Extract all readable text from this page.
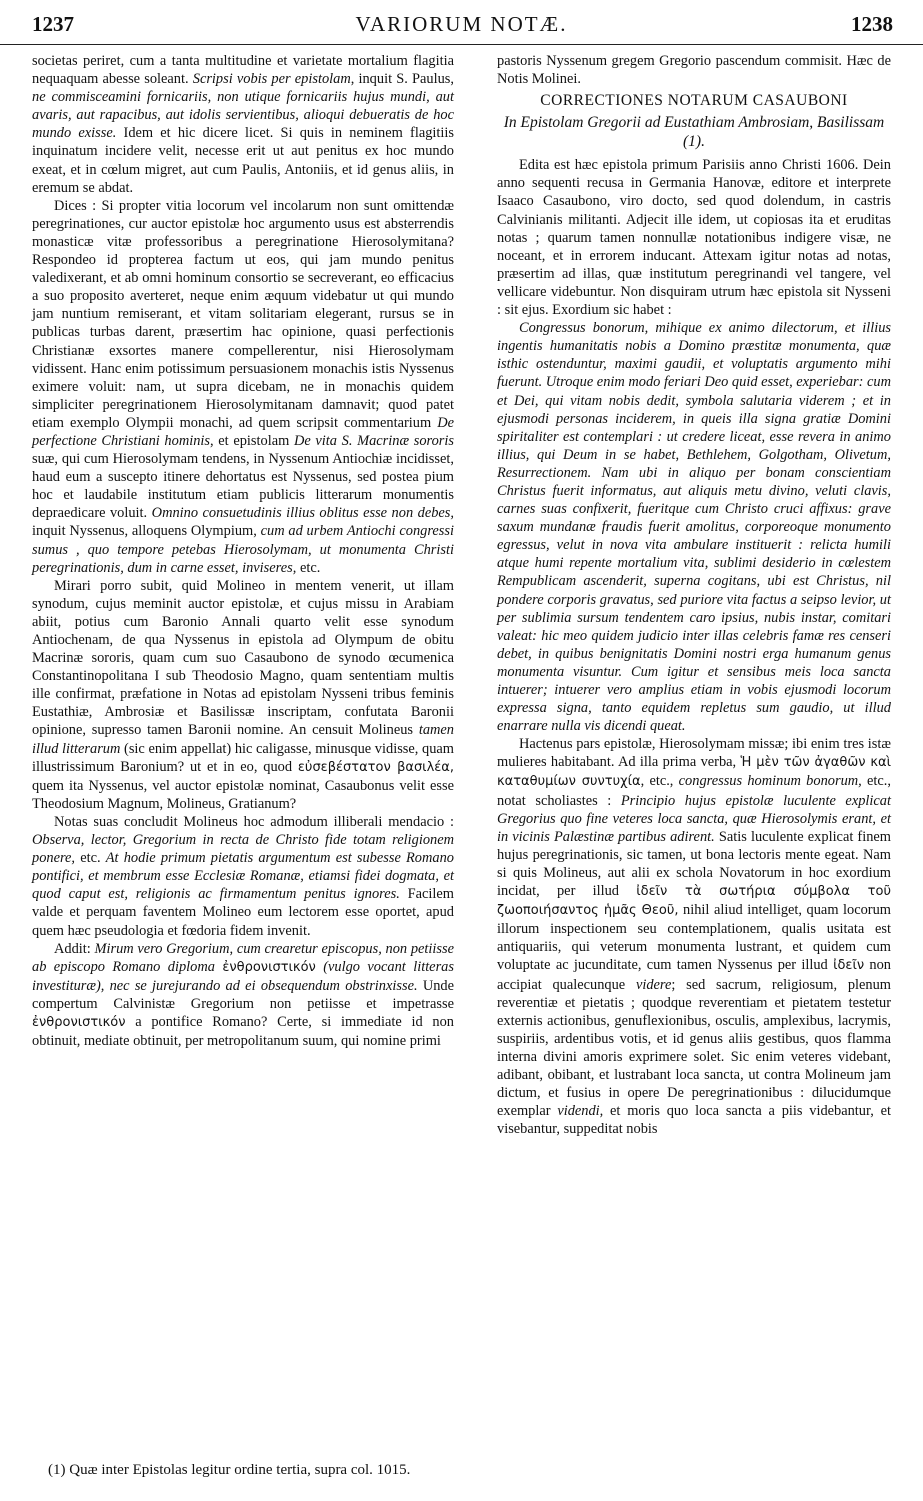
1237	VARIORUM NOTÆ.	1238

societas periret, cum a tanta multitudine et varietate mortalium flagitia nequaquam abesse soleant. Scripsi vobis per epistolam, inquit S. Paulus, ne commisceamini fornicariis, non utique fornicariis hujus mundi, aut avaris, aut rapacibus, aut idolis servientibus, alioqui debueratis de hoc mundo exisse. Idem et hic dicere licet. Si quis in neminem flagitiis inquinatum incidere velit, necesse erit ut aut penitus ex hoc mundo exeat, et in cœlum migret, aut cum Paulis, Antoniis, et id genus aliis, in eremum se abdat.

Dices : Si propter vitia locorum vel incolarum non sunt omittendæ peregrinationes, cur auctor epistolæ hoc argumento usus est absterrendis monasticæ vitæ professoribus a peregrinatione Hierosolymitana? Respondeo id propterea factum ut eos, qui jam mundo penitus valedixerant, et ab omni hominum consortio se secreverant, eo efficacius a suo proposito averteret, neque enim æquum videbatur ut qui mundo jam nuntium remiserant, et vitam solitariam elegerant, rursus se in publicas turbas darent, præsertim hac opinione, quasi perfectionis Christianæ exsortes manere compellerentur, nisi Hierosolymam vidissent. Hanc enim potissimum persuasionem monachis istis Nyssenus eximere voluit: nam, ut supra dicebam, ne in monachis quidem simpliciter peregrinationem Hierosolymitanam damnavit; quod patet etiam exemplo Olympii monachi, ad quem scripsit commentarium De perfectione Christiani hominis, et epistolam De vita S. Macrinæ sororis suæ, qui cum Hierosolymam tendens, in Nyssenum Antiochiæ incidisset, haud eum a suscepto itinere dehortatus est Nyssenus, sed postea pium hoc et laudabile institutum etiam publicis litterarum monumentis depraedicare voluit. Omnino consuetudinis illius oblitus esse non debes, inquit Nyssenus, alloquens Olympium, cum ad urbem Antiochi congressi sumus , quo tempore petebas Hierosolymam, ut monumenta Christi peregrinationis, dum in carne esset, inviseres, etc.

Mirari porro subit, quid Molineo in mentem venerit, ut illam synodum, cujus meminit auctor epistolæ, et cujus missu in Arabiam abiit, potius cum Baronio Annali quarto velit esse synodum Antiochenam, de qua Nyssenus in epistola ad Olympum de obitu Macrinæ sororis, quam cum suo Casaubono de synodo œcumenica Constantinopolitana I sub Theodosio Magno, quam sententiam multis ille confirmat, præfatione in Notas ad epistolam Nysseni tribus feminis Eustathiæ, Ambrosiæ et Basilissæ inscriptam, confutata Baronii opinione, supresso tamen Baronii nomine. An censuit Molineus tamen illud litterarum (sic enim appellat) hic caligasse, minusque vidisse, quam illustrissimum Baronium? ut et in eo, quod εὐσεβέστατον βασιλέα, quem ita Nyssenus, vel auctor epistolæ nominat, Casaubonus velit esse Theodosium Magnum, Molineus, Gratianum?

Notas suas concludit Molineus hoc admodum illiberali mendacio : Observa, lector, Gregorium in recta de Christo fide totam religionem ponere, etc. At hodie primum pietatis argumentum est subesse Romano pontifici, et membrum esse Ecclesiæ Romanæ, etiamsi fidei dogmata, et quod caput est, religionis ac firmamentum penitus ignores. Facilem valde et perquam faventem Molineo eum lectorem esse oportet, apud quem hæc pseudologia et fœdoria fidem invenit.

Addit: Mirum vero Gregorium, cum crearetur episcopus, non petiisse ab episcopo Romano diploma ἐνθρονιστικόν (vulgo vocant litteras investituræ), nec se jurejurando ad ei obsequendum obstrinxisse. Unde compertum Calvinistæ Gregorium non petiisse et impetrasse ἐνθρονιστικόν a pontifice Romano? Certe, si immediate id non obtinuit, mediate obtinuit, per metropolitanum suum, qui nomine primi

pastoris Nyssenum gregem Gregorio pascendum commisit. Hæc de Notis Molinei.

CORRECTIONES NOTARUM CASAUBONI
In Epistolam Gregorii ad Eustathiam Ambrosiam, Basilissam (1).

Edita est hæc epistola primum Parisiis anno Christi 1606. Dein anno sequenti recusa in Germania Hanovæ, editore et interprete Isaaco Casaubono, viro docto, sed quod dolendum, in castris Calvinianis militanti. Adjecit ille idem, ut copiosas ita et eruditas notas ; quarum tamen nonnullæ notationibus indigere visæ, ne noceant, et in errorem inducant. Attexam igitur notas ad notas, præsertim ad illas, quæ institutum peregrinandi vel tangere, vel vellicare videbuntur. Non disquiram utrum hæc epistola sit Nysseni : sit ejus. Exordium sic habet :

Congressus bonorum, mihique ex animo dilectorum, et illius ingentis humanitatis nobis a Domino præstitæ monumenta, quæ isthic ostenduntur, maximi gaudii, et voluptatis argumento mihi fuerunt. Utroque enim modo feriari Deo quid esset, experiebar: cum et Dei, qui vitam nobis dedit, symbola salutaria viderem ; et in ejusmodi personas inciderem, in queis illa signa gratiæ Domini spiritaliter est contemplari : ut credere liceat, esse revera in animo illius, qui Deum in se habet, Bethlehem, Golgotham, Olivetum, Resurrectionem. Nam ubi in aliquo per bonam conscientiam Christus fuerit informatus, aut aliquis metu divino, veluti clavis, carnes suas confixerit, fueritque cum Christo cruci affixus: grave saxum mundanæ fraudis fuerit amolitus, corporeoque monumento egressus, velut in nova vita ambulare instituerit : relicta humili atque humi repente mortalium vita, sublimi desiderio in cœlestem Rempublicam ascenderit, superna cogitans, ubi est Christus, nil pondere corporis gravatus, sed puriore vita factus a seipso levior, ut per sublimia sursum tendentem caro ipsius, nubis instar, comitari valeat: hic meo quidem judicio inter illas celebris famæ res censeri debet, in quibus benignitatis Domini nostri erga humanum genus monumenta visuntur. Cum igitur et sensibus meis loca sancta intuerer; intuerer vero amplius etiam in vobis ejusmodi locorum expressa signa, tanto equidem repletus sum gaudio, ut illud enarrare nulla vis dicendi queat.

Hactenus pars epistolæ, Hierosolymam missæ; ibi enim tres istæ mulieres habitabant. Ad illa prima verba, Ἡ μὲν τῶν ἀγαθῶν καὶ καταθυμίων συντυχία, etc., congressus hominum bonorum, etc., notat scholiastes : Principio hujus epistolæ luculente explicat Gregorius quo fine veteres loca sancta, quæ Hierosolymis erant, et in vicinis Palæstinæ partibus adirent. Satis luculente explicat finem hujus peregrinationis, sic tamen, ut bona lectoris mente egeat. Nam si quis Molineus, aut alii ex schola Novatorum in hoc exordium incidat, per illud ἰδεῖν τὰ σωτήρια σύμβολα τοῦ ζωοποιήσαντος ἡμᾶς Θεοῦ, nihil aliud intelliget, quam locorum illorum inspectionem seu contemplationem, qualis usitata est antiquariis, qui veterum monumenta lustrant, et quidem cum voluptate ac jucunditate, cum tamen Nyssenus per illud ἰδεῖν non accipiat qualecunque videre; sed sacrum, religiosum, plenum reverentiæ et pietatis ; quodque reverentiam et pietatem testetur externis actionibus, genuflexionibus, osculis, amplexibus, lacrymis, suspiriis, ardentibus votis, et id genus aliis gestibus, quos flamma interna divini amoris exprimere solet. Sic enim veteres videbant, adibant, obibant, et lustrabant loca sancta, ut contra Molineum jam dictum, et fusius in opere De peregrinationibus : dilucidumque exemplar videndi, et moris quo loca sancta a piis videbantur, et visebantur, suppeditat nobis

(1) Quæ inter Epistolas legitur ordine tertia, supra col. 1015.
